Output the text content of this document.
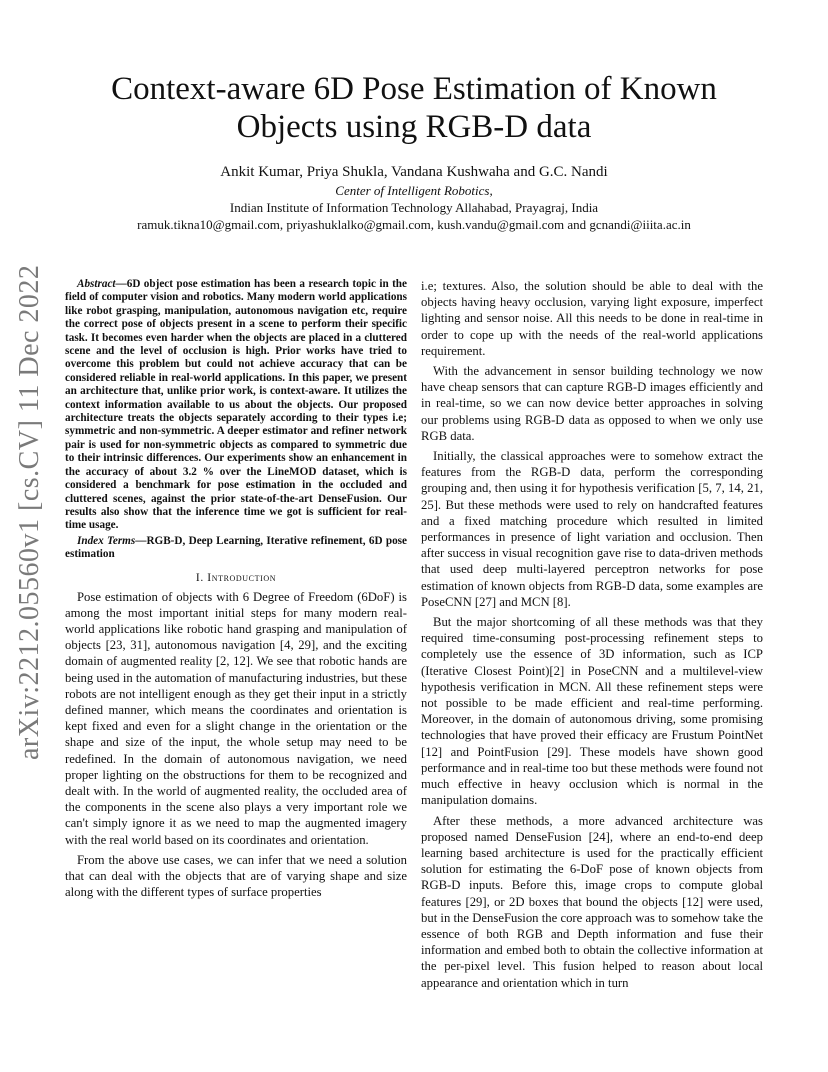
arXiv:2212.05560v1 [cs.CV] 11 Dec 2022
Context-aware 6D Pose Estimation of Known
Objects using RGB-D data
Ankit Kumar, Priya Shukla, Vandana Kushwaha and G.C. Nandi
Center of Intelligent Robotics,
Indian Institute of Information Technology Allahabad, Prayagraj, India
ramuk.tikna10@gmail.com, priyashuklalko@gmail.com, kush.vandu@gmail.com and gcnandi@iiita.ac.in

Abstract—6D object pose estimation has been a research topic in the field of computer vision and robotics. Many modern world applications like robot grasping, manipulation, autonomous navigation etc, require the correct pose of objects present in a scene to perform their specific task. It becomes even harder when the objects are placed in a cluttered scene and the level of occlusion is high. Prior works have tried to overcome this problem but could not achieve accuracy that can be considered reliable in real-world applications. In this paper, we present an architecture that, unlike prior work, is context-aware. It utilizes the context information available to us about the objects. Our proposed architecture treats the objects separately according to their types i.e; symmetric and non-symmetric. A deeper estimator and refiner network pair is used for non-symmetric objects as compared to symmetric due to their intrinsic differences. Our experiments show an enhancement in the accuracy of about 3.2 % over the LineMOD dataset, which is considered a benchmark for pose estimation in the occluded and cluttered scenes, against the prior state-of-the-art DenseFusion. Our results also show that the inference time we got is sufficient for real-time usage.

Index Terms—RGB-D, Deep Learning, Iterative refinement, 6D pose estimation

I. Introduction

Pose estimation of objects with 6 Degree of Freedom (6DoF) is among the most important initial steps for many modern real-world applications like robotic hand grasping and manipulation of objects [23, 31], autonomous navigation [4, 29], and the exciting domain of augmented reality [2, 12]. We see that robotic hands are being used in the automation of manufacturing industries, but these robots are not intelligent enough as they get their input in a strictly defined manner, which means the coordinates and orientation is kept fixed and even for a slight change in the orientation or the shape and size of the input, the whole setup may need to be redefined. In the domain of autonomous navigation, we need proper lighting on the obstructions for them to be recognized and dealt with. In the world of augmented reality, the occluded area of the components in the scene also plays a very important role we can't simply ignore it as we need to map the augmented imagery with the real world based on its coordinates and orientation.

From the above use cases, we can infer that we need a solution that can deal with the objects that are of varying shape and size along with the different types of surface properties

i.e; textures. Also, the solution should be able to deal with the objects having heavy occlusion, varying light exposure, imperfect lighting and sensor noise. All this needs to be done in real-time in order to cope up with the needs of the real-world applications requirement.

With the advancement in sensor building technology we now have cheap sensors that can capture RGB-D images efficiently and in real-time, so we can now device better approaches in solving our problems using RGB-D data as opposed to when we only use RGB data.

Initially, the classical approaches were to somehow extract the features from the RGB-D data, perform the corresponding grouping and, then using it for hypothesis verification [5, 7, 14, 21, 25]. But these methods were used to rely on handcrafted features and a fixed matching procedure which resulted in limited performances in presence of light variation and occlusion. Then after success in visual recognition gave rise to data-driven methods that used deep multi-layered perceptron networks for pose estimation of known objects from RGB-D data, some examples are PoseCNN [27] and MCN [8].

But the major shortcoming of all these methods was that they required time-consuming post-processing refinement steps to completely use the essence of 3D information, such as ICP (Iterative Closest Point)[2] in PoseCNN and a multilevel-view hypothesis verification in MCN. All these refinement steps were not possible to be made efficient and real-time performing. Moreover, in the domain of autonomous driving, some promising technologies that have proved their efficacy are Frustum PointNet [12] and PointFusion [29]. These models have shown good performance and in real-time too but these methods were found not much effective in heavy occlusion which is normal in the manipulation domains.

After these methods, a more advanced architecture was proposed named DenseFusion [24], where an end-to-end deep learning based architecture is used for the practically efficient solution for estimating the 6-DoF pose of known objects from RGB-D inputs. Before this, image crops to compute global features [29], or 2D boxes that bound the objects [12] were used, but in the DenseFusion the core approach was to somehow take the essence of both RGB and Depth information and fuse their information and embed both to obtain the collective information at the per-pixel level. This fusion helped to reason about local appearance and orientation which in turn
